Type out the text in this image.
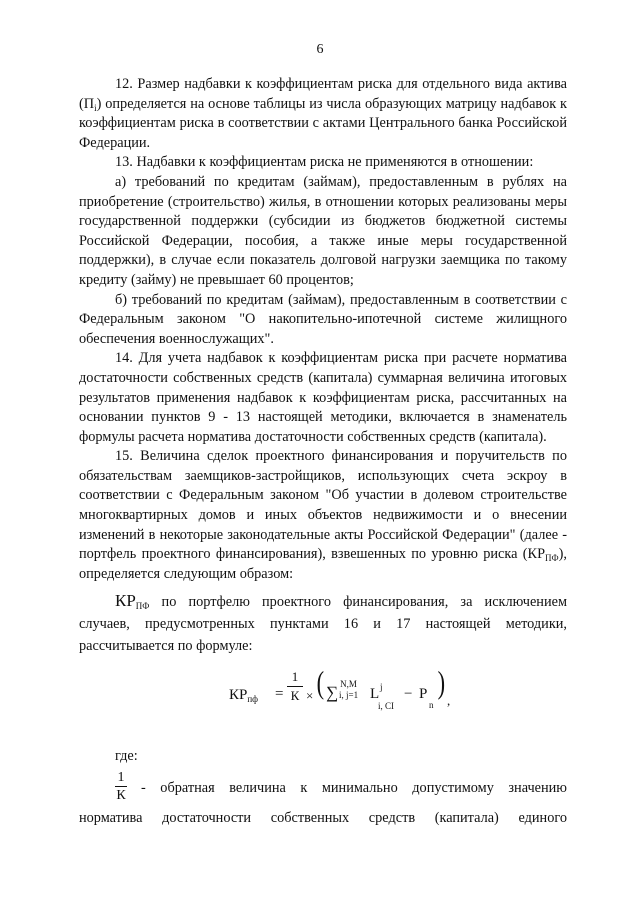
6

12. Размер надбавки к коэффициентам риска для отдельного вида актива $(П_i)$ определяется на основе таблицы из числа образующих матрицу надбавок к коэффициентам риска в соответствии с актами Центрального банка Российской Федерации.

13. Надбавки к коэффициентам риска не применяются в отношении:

а) требований по кредитам (займам), предоставленным в рублях на приобретение (строительство) жилья, в отношении которых реализованы меры государственной поддержки (субсидии из бюджетов бюджетной системы Российской Федерации, пособия, а также иные меры государственной поддержки), в случае если показатель долговой нагрузки заемщика по такому кредиту (займу) не превышает 60 процентов;

б) требований по кредитам (займам), предоставленным в соответствии с Федеральным законом "О накопительно-ипотечной системе жилищного обеспечения военнослужащих".

14. Для учета надбавок к коэффициентам риска при расчете норматива достаточности собственных средств (капитала) суммарная величина итоговых результатов применения надбавок к коэффициентам риска, рассчитанных на основании пунктов 9 - 13 настоящей методики, включается в знаменатель формулы расчета норматива достаточности собственных средств (капитала).

15. Величина сделок проектного финансирования и поручительств по обязательствам заемщиков-застройщиков, использующих счета эскроу в соответствии с Федеральным законом "Об участии в долевом строительстве многоквартирных домов и иных объектов недвижимости и о внесении изменений в некоторые законодательные акты Российской Федерации" (далее - портфель проектного финансирования), взвешенных по уровню риска $(КР_{ПФ})$, определяется следующим образом:

$КР_{ПФ}$ по портфелю проектного финансирования, за исключением случаев, предусмотренных пунктами 16 и 17 настоящей методики, рассчитывается по формуле:

$КР_{пф}$ =
1
К × ( ∑ N,M
i, j=1 L j
i, CI
− P
n
)
,

где:

1
К - обратная величина к минимально допустимому значению

норматива достаточности собственных средств (капитала) единого
